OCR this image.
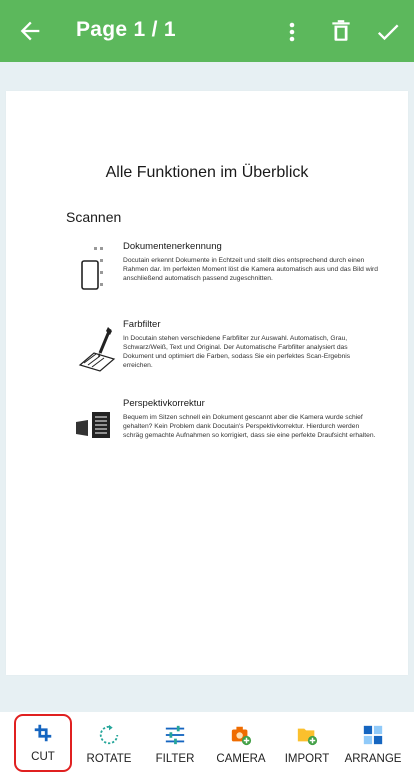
Page 1 / 1
Alle Funktionen im Überblick
Scannen
Dokumentenerkennung
Docutain erkennt Dokumente in Echtzeit und stellt dies entsprechend durch einen Rahmen dar. Im perfekten Moment löst die Kamera automatisch aus und das Bild wird anschließend automatisch passend zugeschnitten.
Farbfilter
In Docutain stehen verschiedene Farbfilter zur Auswahl. Automatisch, Grau, Schwarz/Weiß, Text und Original. Der Automatische Farbfilter analysiert das Dokument und optimiert die Farben, sodass Sie ein perfektes Scan-Ergebnis erreichen.
Perspektivkorrektur
Bequem im Sitzen schnell ein Dokument gescannt aber die Kamera wurde schief gehalten? Kein Problem dank Docutain's Perspektivkorrektur. Hierdurch werden schräg gemachte Aufnahmen so korrigiert, dass sie eine perfekte Draufsicht erhalten.
CUT	ROTATE	FILTER	CAMERA	IMPORT	ARRANGE
